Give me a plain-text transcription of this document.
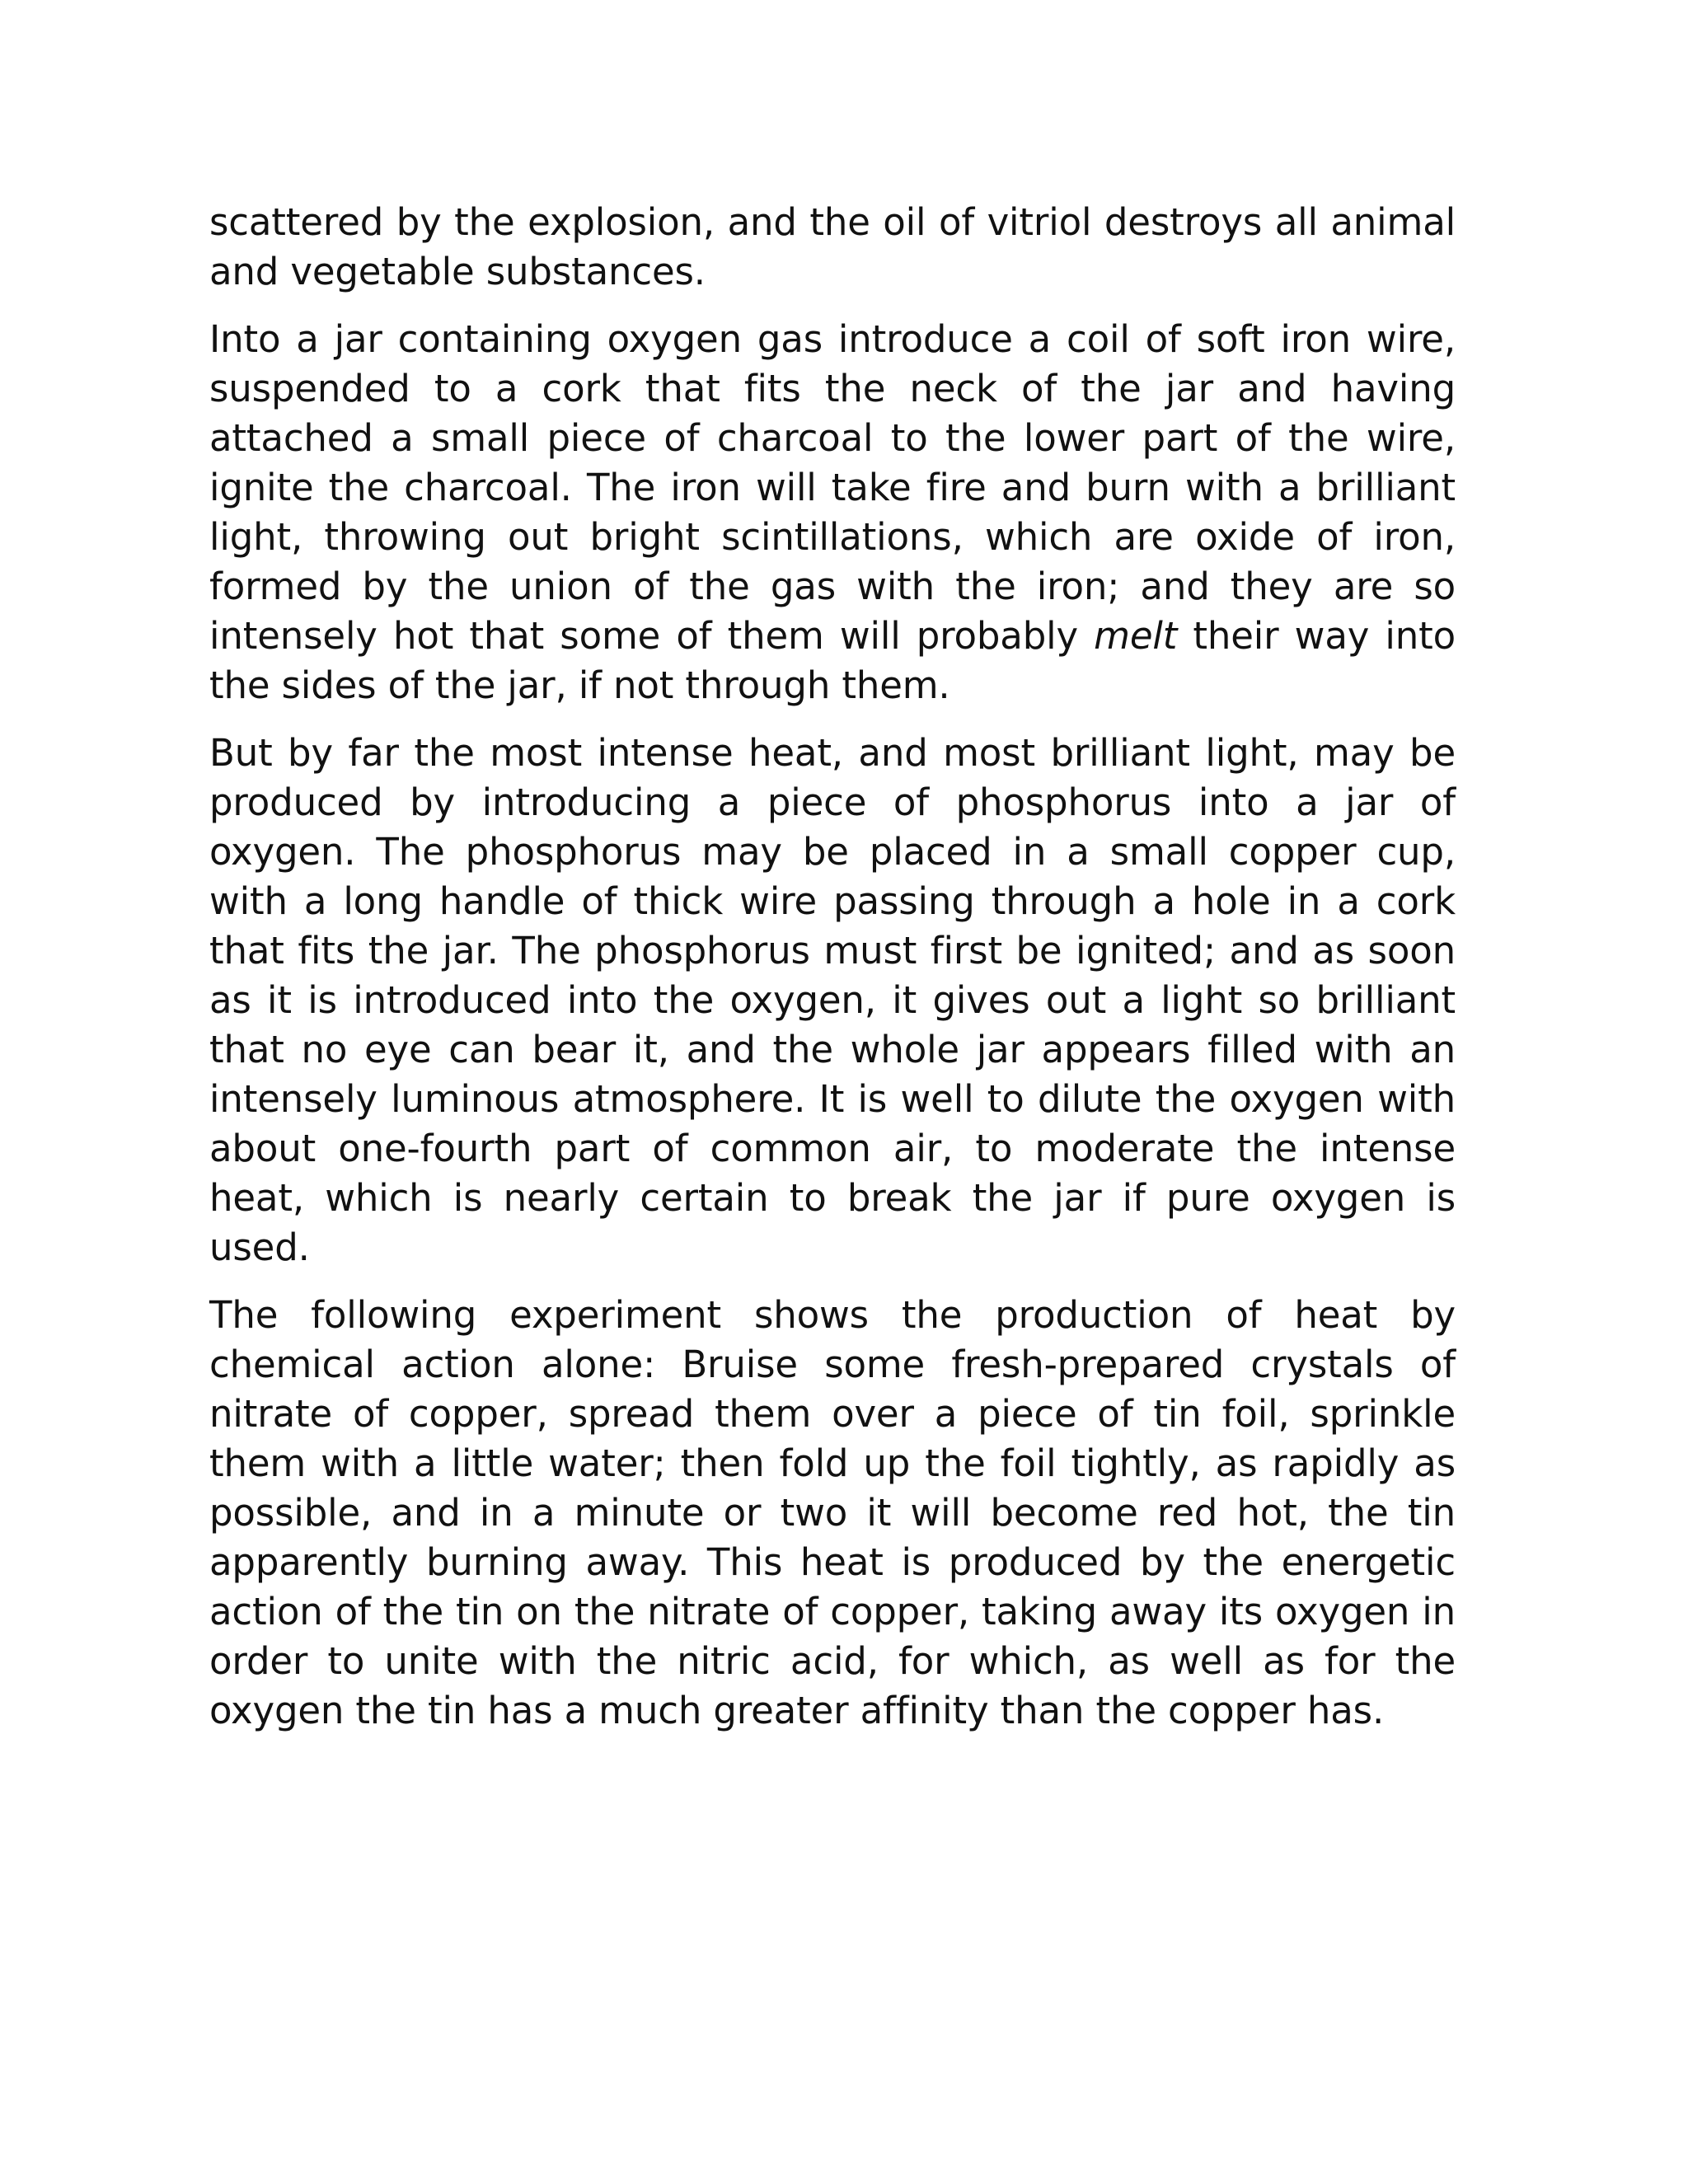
scattered by the explosion, and the oil of vitriol destroys all animal and vegetable substances.

Into a jar containing oxygen gas introduce a coil of soft iron wire, suspended to a cork that fits the neck of the jar and having attached a small piece of charcoal to the lower part of the wire, ignite the charcoal. The iron will take fire and burn with a brilliant light, throwing out bright scintillations, which are oxide of iron, formed by the union of the gas with the iron; and they are so intensely hot that some of them will probably melt their way into the sides of the jar, if not through them.

But by far the most intense heat, and most brilliant light, may be produced by introducing a piece of phosphorus into a jar of oxygen. The phosphorus may be placed in a small copper cup, with a long handle of thick wire passing through a hole in a cork that fits the jar. The phosphorus must first be ignited; and as soon as it is introduced into the oxygen, it gives out a light so brilliant that no eye can bear it, and the whole jar appears filled with an intensely luminous atmosphere. It is well to dilute the oxygen with about one-fourth part of common air, to moderate the intense heat, which is nearly certain to break the jar if pure oxygen is used.

The following experiment shows the production of heat by chemical action alone: Bruise some fresh-prepared crystals of nitrate of copper, spread them over a piece of tin foil, sprinkle them with a little water; then fold up the foil tightly, as rapidly as possible, and in a minute or two it will become red hot, the tin apparently burning away. This heat is produced by the energetic action of the tin on the nitrate of copper, taking away its oxygen in order to unite with the nitric acid, for which, as well as for the oxygen the tin has a much greater affinity than the copper has.
